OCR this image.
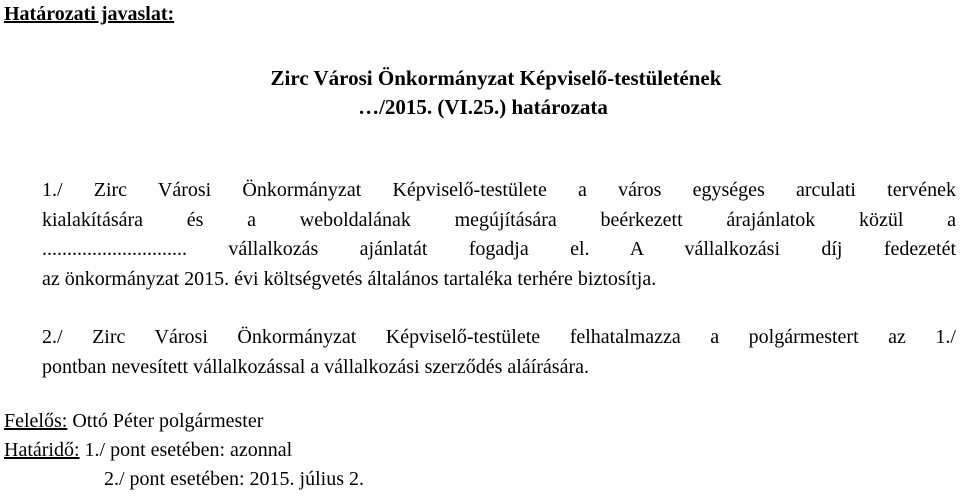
Határozati javaslat:
Zirc Városi Önkormányzat Képviselő-testületének
…/2015. (VI.25.) határozata
1./ Zirc Városi Önkormányzat Képviselő-testülete a város egységes arculati tervének
kialakítására és a weboldalának megújítására beérkezett árajánlatok közül a
............................. vállalkozás ajánlatát fogadja el. A vállalkozási díj fedezetét
az önkormányzat 2015. évi költségvetés általános tartaléka terhére biztosítja.
2./ Zirc Városi Önkormányzat Képviselő-testülete felhatalmazza a polgármestert az 1./
pontban nevesített vállalkozással a vállalkozási szerződés aláírására.
Felelős: Ottó Péter polgármester
Határidő: 1./ pont esetében: azonnal
2./ pont esetében: 2015. július 2.
